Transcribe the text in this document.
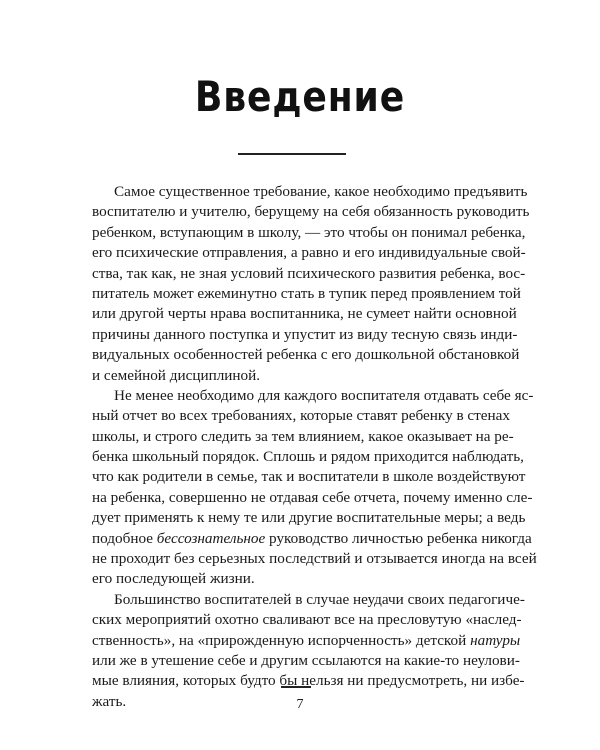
Введение
Самое существенное требование, какое необходимо предъявить
воспитателю и учителю, берущему на себя обязанность руководить
ребенком, вступающим в школу, — это чтобы он понимал ребенка,
его психические отправления, а равно и его индивидуальные свой-
ства, так как, не зная условий психического развития ребенка, вос-
питатель может ежеминутно стать в тупик перед проявлением той
или другой черты нрава воспитанника, не сумеет найти основной
причины данного поступка и упустит из виду тесную связь инди-
видуальных особенностей ребенка с его дошкольной обстановкой
и семейной дисциплиной.
Не менее необходимо для каждого воспитателя отдавать себе яс-
ный отчет во всех требованиях, которые ставят ребенку в стенах
школы, и строго следить за тем влиянием, какое оказывает на ре-
бенка школьный порядок. Сплошь и рядом приходится наблюдать,
что как родители в семье, так и воспитатели в школе воздействуют
на ребенка, совершенно не отдавая себе отчета, почему именно сле-
дует применять к нему те или другие воспитательные меры; а ведь
подобное бессознательное руководство личностью ребенка никогда
не проходит без серьезных последствий и отзывается иногда на всей
его последующей жизни.
Большинство воспитателей в случае неудачи своих педагогиче-
ских мероприятий охотно сваливают все на пресловутую «наслед-
ственность», на «прирожденную испорченность» детской натуры
или же в утешение себе и другим ссылаются на какие-то неулови-
мые влияния, которых будто бы нельзя ни предусмотреть, ни избе-
жать.	7
